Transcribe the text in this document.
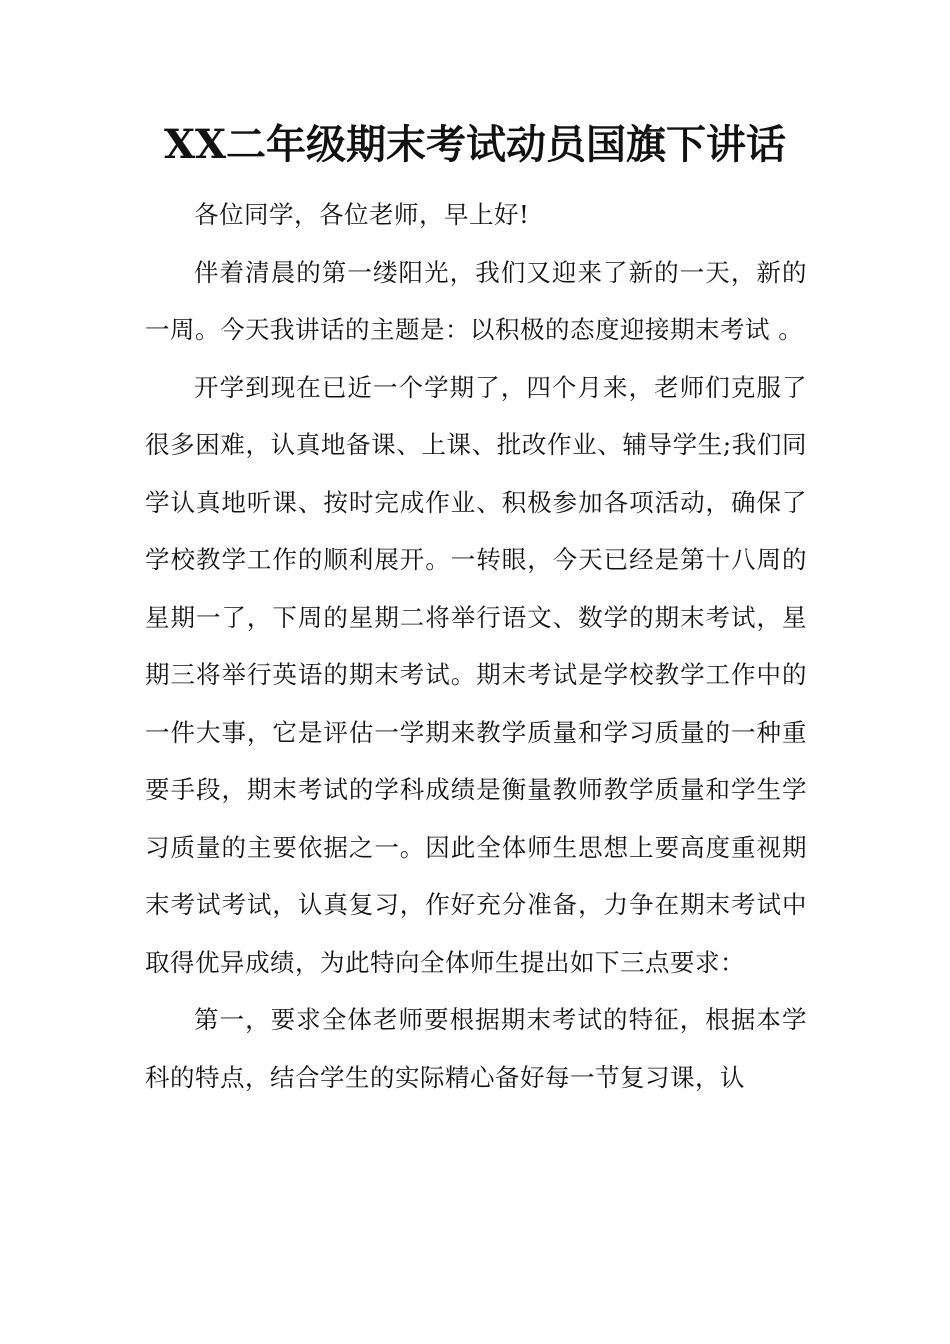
XX二年级期末考试动员国旗下讲话

各位同学，各位老师，早上好!

伴着清晨的第一缕阳光，我们又迎来了新的一天，新的一周。今天我讲话的主题是：以积极的态度迎接期末考试 。

开学到现在已近一个学期了，四个月来，老师们克服了很多困难，认真地备课、上课、批改作业、辅导学生;我们同学认真地听课、按时完成作业、积极参加各项活动，确保了学校教学工作的顺利展开。一转眼，今天已经是第十八周的星期一了，下周的星期二将举行语文、数学的期末考试，星期三将举行英语的期末考试。期末考试是学校教学工作中的一件大事，它是评估一学期来教学质量和学习质量的一种重要手段，期末考试的学科成绩是衡量教师教学质量和学生学习质量的主要依据之一。因此全体师生思想上要高度重视期末考试考试，认真复习，作好充分准备，力争在期末考试中取得优异成绩，为此特向全体师生提出如下三点要求：

第一，要求全体老师要根据期末考试的特征，根据本学科的特点，结合学生的实际精心备好每一节复习课，认
